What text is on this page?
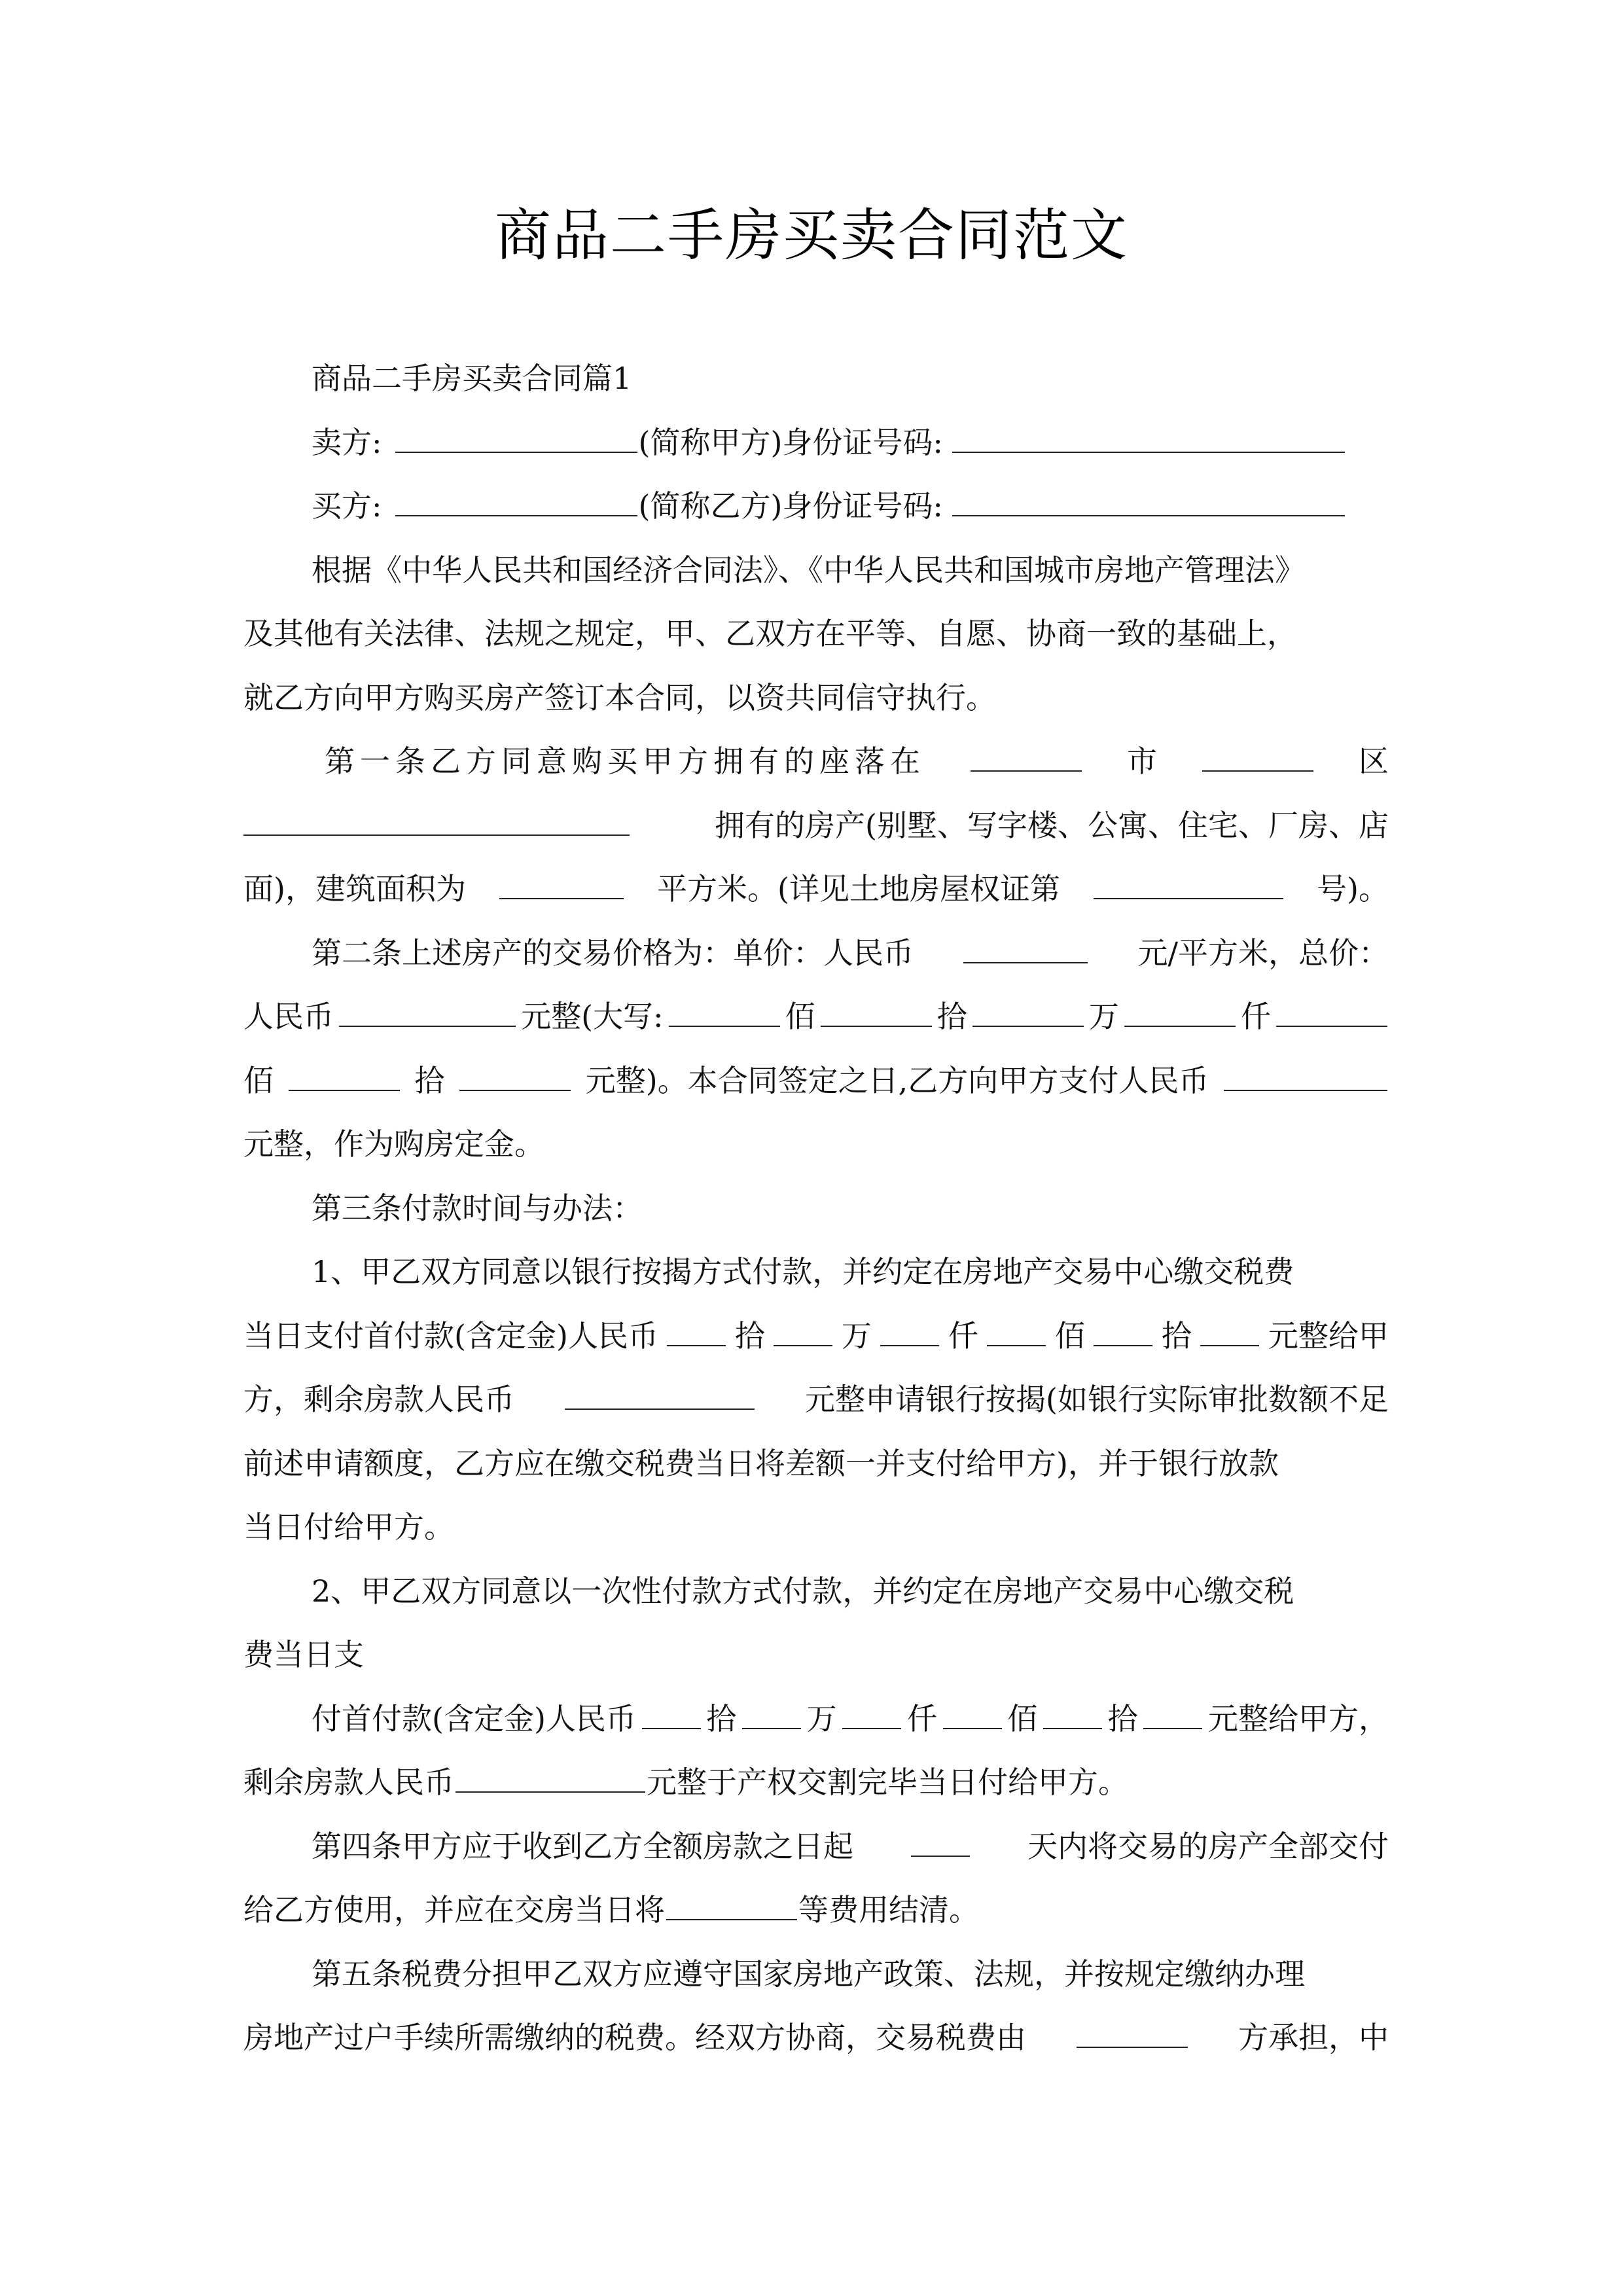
商品二手房买卖合同范文
商品二手房买卖合同篇1
卖方:	(简称甲方)身份证号码:
买方:	(简称乙方)身份证号码:
根据《中华人民共和国经济合同法》、《中华人民共和国城市房地产管理法》
及其他有关法律、法规之规定，甲、乙双方在平等、自愿、协商一致的基础上，
就乙方向甲方购买房产签订本合同，以资共同信守执行。
第一条乙方同意购买甲方拥有的座落在	市	区
拥有的房产(别墅、写字楼、公寓、住宅、厂房、店
面)，建筑面积为	平方米。(详见土地房屋权证第	号)。
第二条上述房产的交易价格为：单价：人民币	元/平方米，总价：
人民币	元整(大写:	佰	拾	万	仟
佰	拾	元整)。本合同签定之日,乙方向甲方支付人民币
元整，作为购房定金。
第三条付款时间与办法：
1、甲乙双方同意以银行按揭方式付款，并约定在房地产交易中心缴交税费
当日支付首付款(含定金)人民币	拾	万	仟	佰	拾	元整给甲
方，剩余房款人民币	元整申请银行按揭(如银行实际审批数额不足
前述申请额度，乙方应在缴交税费当日将差额一并支付给甲方)，并于银行放款
当日付给甲方。
2、甲乙双方同意以一次性付款方式付款，并约定在房地产交易中心缴交税
费当日支
付首付款(含定金)人民币 拾 万 仟 佰 拾 元整给甲方，
剩余房款人民币	元整于产权交割完毕当日付给甲方。
第四条甲方应于收到乙方全额房款之日起	天内将交易的房产全部交付
给乙方使用，并应在交房当日将	等费用结清。
第五条税费分担甲乙双方应遵守国家房地产政策、法规，并按规定缴纳办理
房地产过户手续所需缴纳的税费。经双方协商，交易税费由	方承担，中
